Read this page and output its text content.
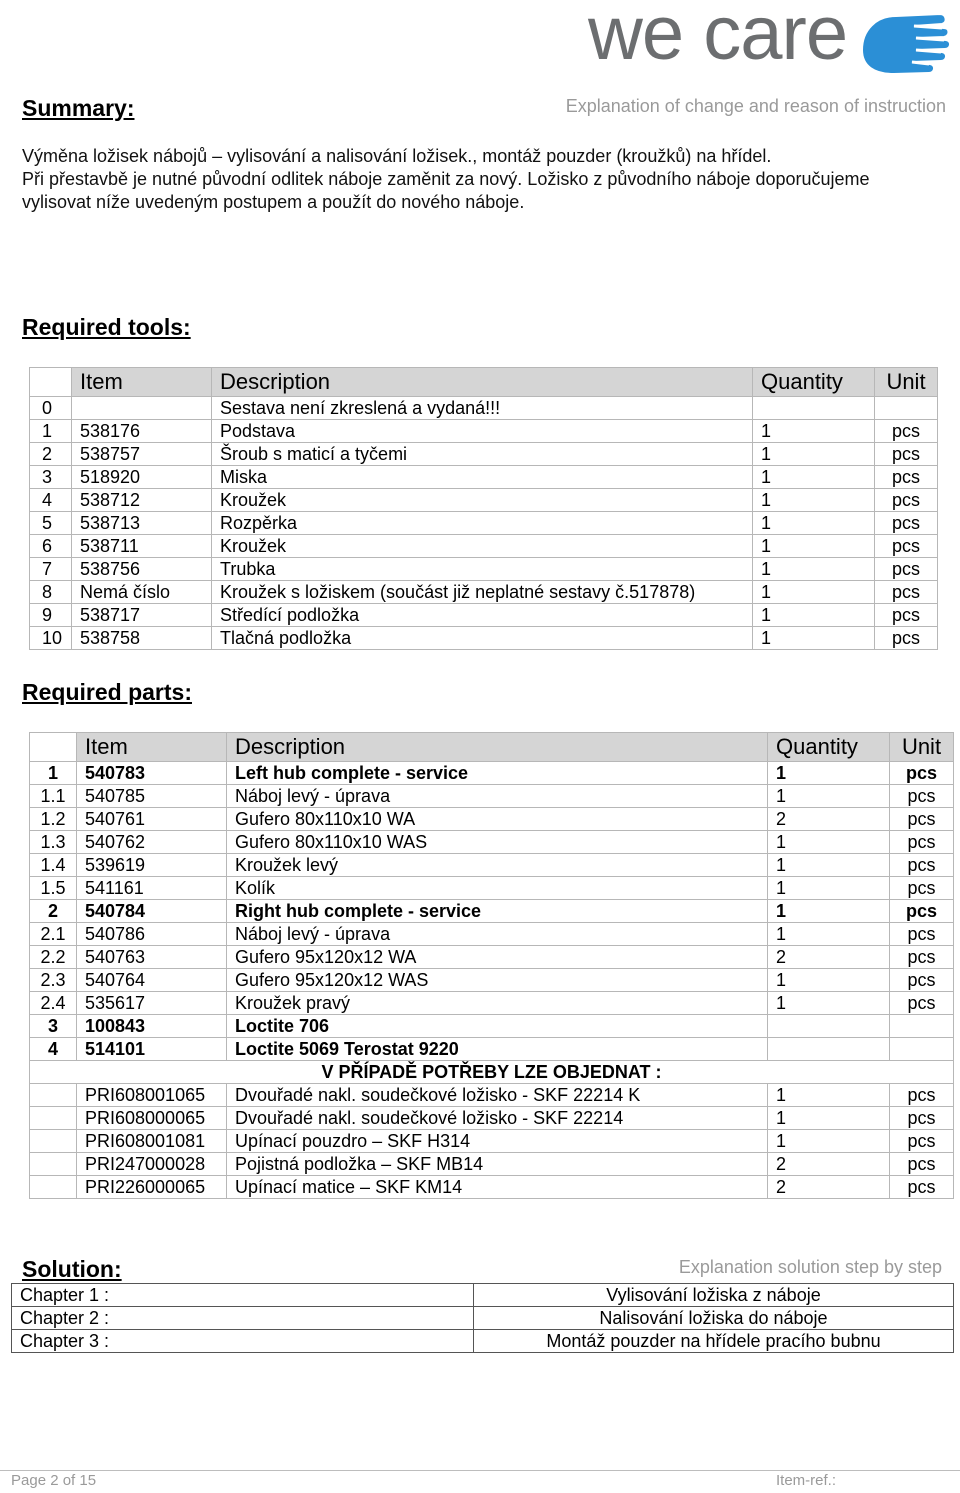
we care
Summary:	Explanation of change and reason of instruction
Výměna ložisek nábojů – vylisování a nalisování ložisek., montáž pouzder (kroužků) na hřídel.
Při přestavbě je nutné původní odlitek náboje zaměnit za nový. Ložisko z původního náboje doporučujeme
vylisovat níže uvedeným postupem a použít do nového náboje.
Required tools:
	Item	Description	Quantity	Unit
0		Sestava není zkreslená a vydaná!!!		
1	538176	Podstava	1	pcs
2	538757	Šroub s maticí a tyčemi	1	pcs
3	518920	Miska	1	pcs
4	538712	Kroužek	1	pcs
5	538713	Rozpěrka	1	pcs
6	538711	Kroužek	1	pcs
7	538756	Trubka	1	pcs
8	Nemá číslo	Kroužek s ložiskem (součást již neplatné sestavy č.517878)	1	pcs
9	538717	Středící podložka	1	pcs
10	538758	Tlačná podložka	1	pcs
Required parts:
	Item	Description	Quantity	Unit
1	540783	Left hub complete - service	1	pcs
1.1	540785	Náboj levý - úprava	1	pcs
1.2	540761	Gufero 80x110x10 WA	2	pcs
1.3	540762	Gufero 80x110x10 WAS	1	pcs
1.4	539619	Kroužek levý	1	pcs
1.5	541161	Kolík	1	pcs
2	540784	Right hub complete - service	1	pcs
2.1	540786	Náboj levý - úprava	1	pcs
2.2	540763	Gufero 95x120x12 WA	2	pcs
2.3	540764	Gufero 95x120x12 WAS	1	pcs
2.4	535617	Kroužek pravý	1	pcs
3	100843	Loctite 706		
4	514101	Loctite 5069 Terostat 9220		
V PŘÍPADĚ POTŘEBY LZE OBJEDNAT :				
	PRI608001065	Dvouřadé nakl. soudečkové ložisko - SKF 22214 K	1	pcs
	PRI608000065	Dvouřadé nakl. soudečkové ložisko - SKF 22214	1	pcs
	PRI608001081	Upínací pouzdro – SKF H314	1	pcs
	PRI247000028	Pojistná podložka – SKF MB14	2	pcs
	PRI226000065	Upínací matice – SKF KM14	2	pcs
Solution:	Explanation solution step by step
Chapter 1 :	Vylisování ložiska z náboje
Chapter 2 :	Nalisování ložiska do náboje
Chapter 3 :	Montáž pouzder na hřídele pracího bubnu
Page 2 of 15	Item-ref.:
